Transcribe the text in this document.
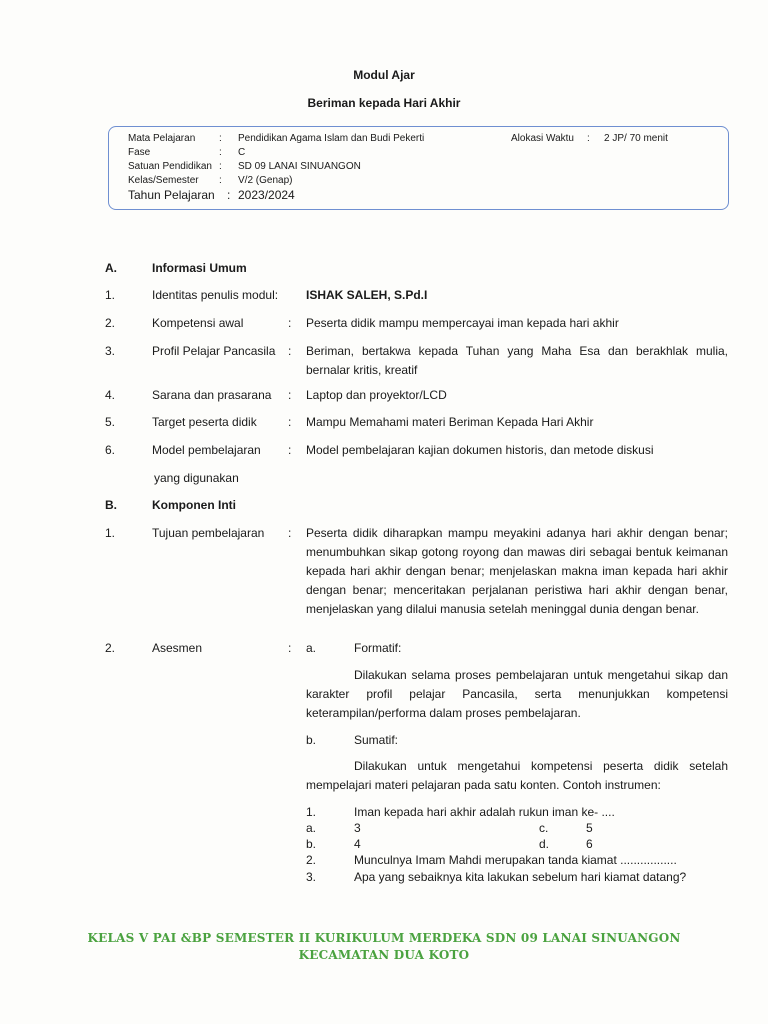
Modul Ajar
Beriman kepada Hari Akhir
Mata Pelajaran : Pendidikan Agama Islam dan Budi Pekerti	Alokasi Waktu : 2 JP/ 70 menit
Fase	: C
Satuan Pendidikan : SD 09 LANAI SINUANGON
Kelas/Semester : V/2 (Genap)
Tahun Pelajaran : 2023/2024
A.	Informasi Umum
1.	Identitas penulis modul: ISHAK SALEH, S.Pd.I
2.	Kompetensi awal	: Peserta didik mampu mempercayai iman kepada hari akhir
3.	Profil Pelajar Pancasila : Beriman, bertakwa kepada Tuhan yang Maha Esa dan berakhlak mulia, bernalar kritis, kreatif
4.	Sarana dan prasarana : Laptop dan proyektor/LCD
5.	Target peserta didik	: Mampu Memahami materi Beriman Kepada Hari Akhir
6.	Model pembelajaran : Model pembelajaran kajian dokumen historis, dan metode diskusi
yang digunakan
B.	Komponen Inti
1.	Tujuan pembelajaran : Peserta didik diharapkan mampu meyakini adanya hari akhir dengan benar; menumbuhkan sikap gotong royong dan mawas diri sebagai bentuk keimanan kepada hari akhir dengan benar; menjelaskan makna iman kepada hari akhir dengan benar; menceritakan perjalanan peristiwa hari akhir dengan benar, menjelaskan yang dilalui manusia setelah meninggal dunia dengan benar.
2.	Asesmen	: a.	Formatif:
Dilakukan selama proses pembelajaran untuk mengetahui sikap dan karakter profil pelajar Pancasila, serta menunjukkan kompetensi keterampilan/performa dalam proses pembelajaran.
b.	Sumatif:
Dilakukan untuk mengetahui kompetensi peserta didik setelah mempelajari materi pelajaran pada satu konten. Contoh instrumen:
1.	Iman kepada hari akhir adalah rukun iman ke- ....
a.	3	c.	5
b.	4	d.	6
2.	Munculnya Imam Mahdi merupakan tanda kiamat .................
3.	Apa yang sebaiknya kita lakukan sebelum hari kiamat datang?
KELAS V PAI &BP SEMESTER II KURIKULUM MERDEKA SDN 09 LANAI SINUANGON
KECAMATAN DUA KOTO
